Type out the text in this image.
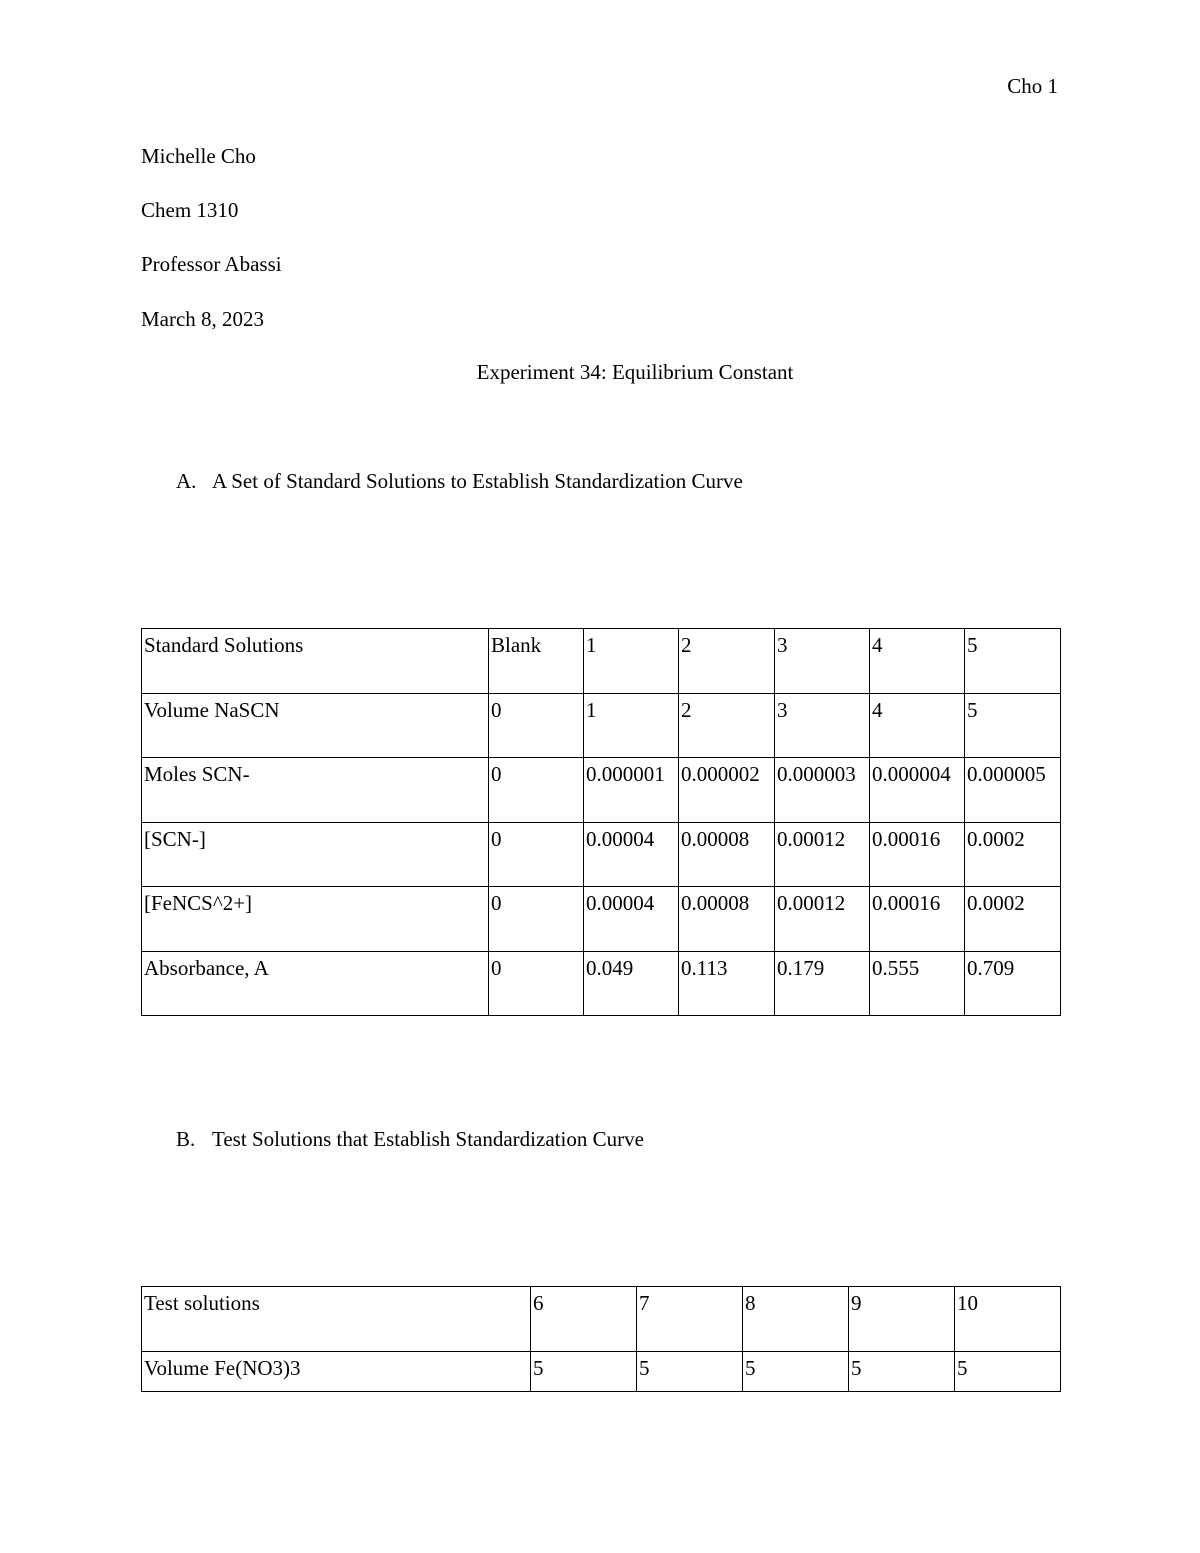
Cho 1
Michelle Cho
Chem 1310
Professor Abassi
March 8, 2023
Experiment 34: Equilibrium Constant
A. A Set of Standard Solutions to Establish Standardization Curve
Standard Solutions	Blank	1	2	3	4	5
Volume NaSCN	0	1	2	3	4	5
Moles SCN-	0	0.000001	0.000002	0.000003	0.000004	0.000005
[SCN-]	0	0.00004	0.00008	0.00012	0.00016	0.0002
[FeNCS^2+]	0	0.00004	0.00008	0.00012	0.00016	0.0002
Absorbance, A	0	0.049	0.113	0.179	0.555	0.709
B. Test Solutions that Establish Standardization Curve
Test solutions	6	7	8	9	10
Volume Fe(NO3)3	5	5	5	5	5
